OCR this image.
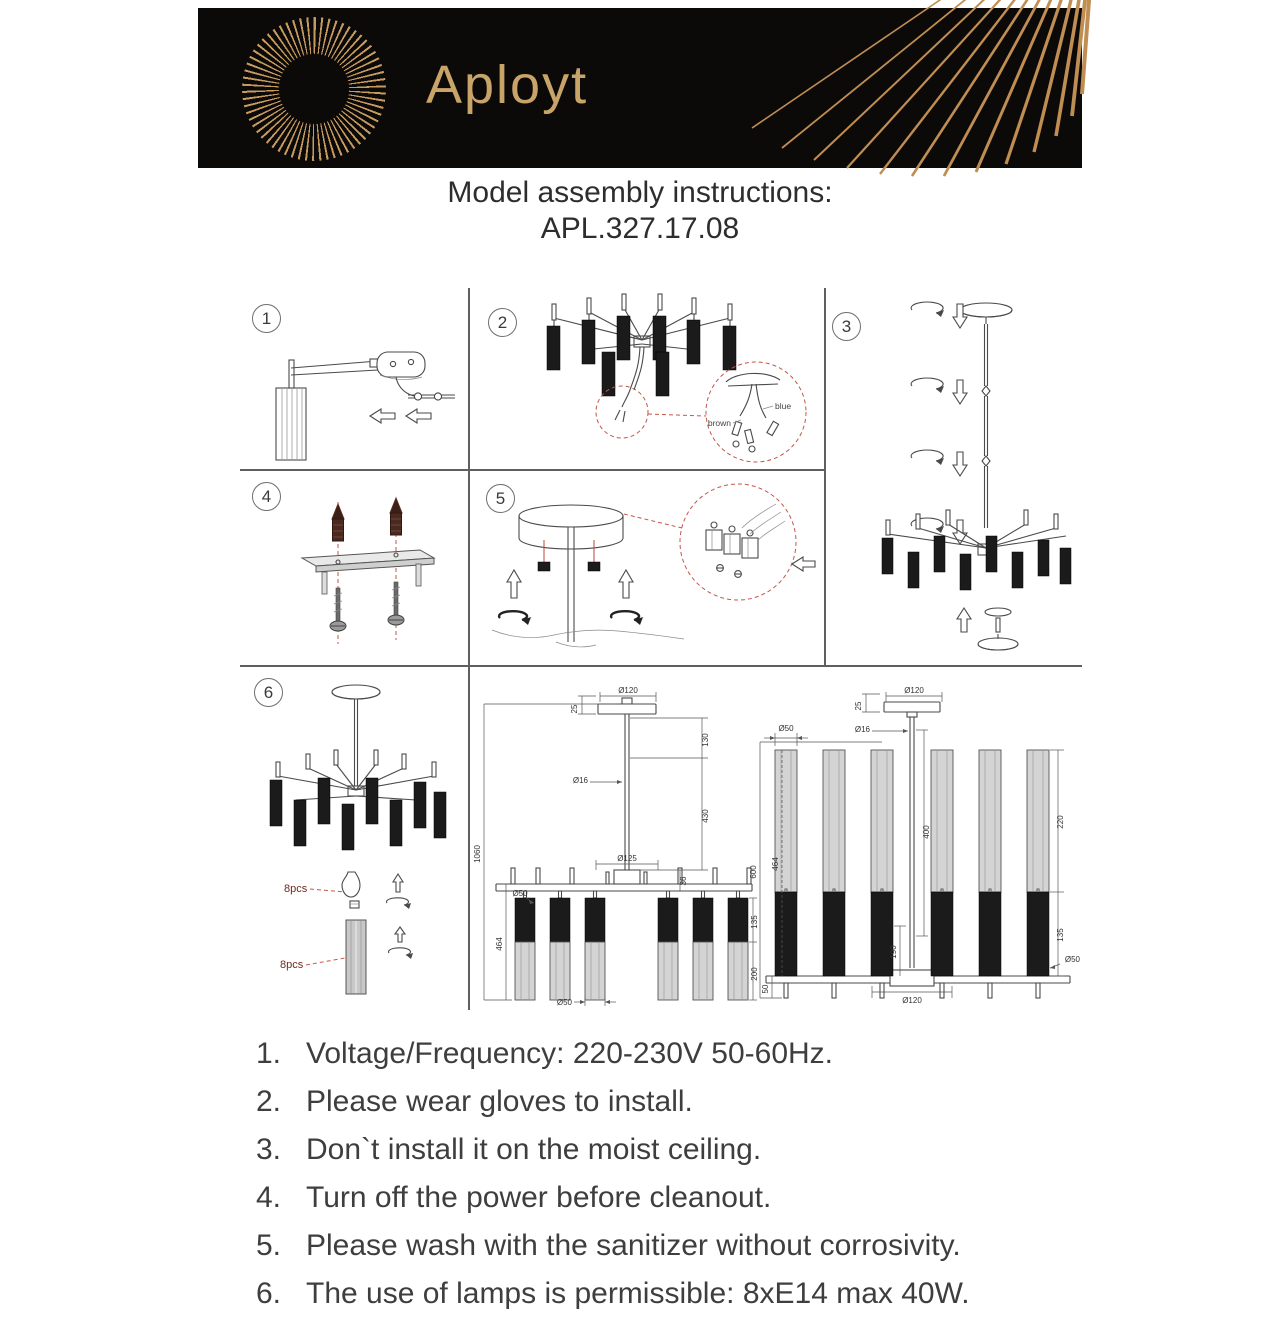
Aployt
Model assembly instructions:
APL.327.17.08
1	2	3
4	5
6
blue
brown
8pcs
8pcs
Ø120
25
130
430
Ø16
Ø125
36
1060
464
Ø50
135
200
Ø50
Ø120
25
Ø16
400
Ø50
600
464
50
220
135
Ø50
190
Ø120
1. Voltage/Frequency: 220-230V 50-60Hz.
2. Please wear gloves to install.
3. Don`t install it on the moist ceiling.
4. Turn off the power before cleanout.
5. Please wash with the sanitizer without corrosivity.
6. The use of lamps is permissible: 8xE14 max 40W.
